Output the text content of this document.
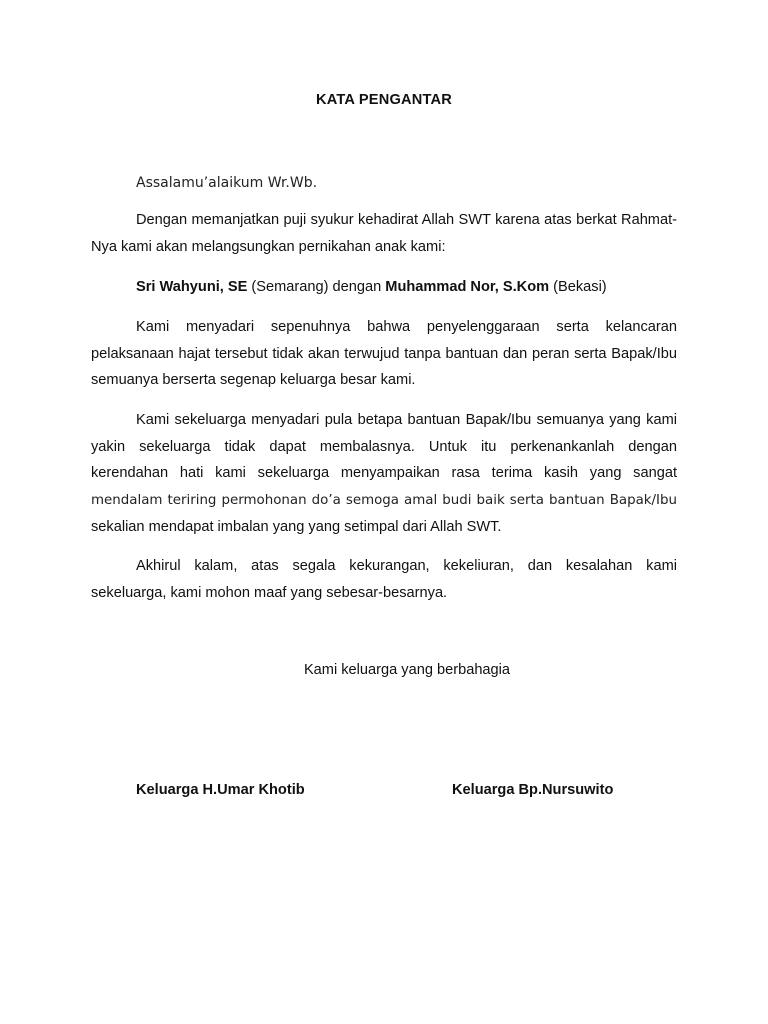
KATA PENGANTAR

Assalamu’alaikum Wr.Wb.

Dengan memanjatkan puji syukur kehadirat Allah SWT karena atas berkat Rahmat-Nya kami akan melangsungkan pernikahan anak kami:

Sri Wahyuni, SE (Semarang) dengan Muhammad Nor, S.Kom (Bekasi)

Kami menyadari sepenuhnya bahwa penyelenggaraan serta kelancaran pelaksanaan hajat tersebut tidak akan terwujud tanpa bantuan dan peran serta Bapak/Ibu semuanya berserta segenap keluarga besar kami.

Kami sekeluarga menyadari pula betapa bantuan Bapak/Ibu semuanya yang kami yakin sekeluarga tidak dapat membalasnya. Untuk itu perkenankanlah dengan kerendahan hati kami sekeluarga menyampaikan rasa terima kasih yang sangat mendalam teriring permohonan do’a semoga amal budi baik serta bantuan Bapak/Ibu sekalian mendapat imbalan yang yang setimpal dari Allah SWT.

Akhirul kalam, atas segala kekurangan, kekeliuran, dan kesalahan kami sekeluarga, kami mohon maaf yang sebesar-besarnya.

Kami keluarga yang berbahagia
Keluarga H.Umar Khotib	Keluarga Bp.Nursuwito
